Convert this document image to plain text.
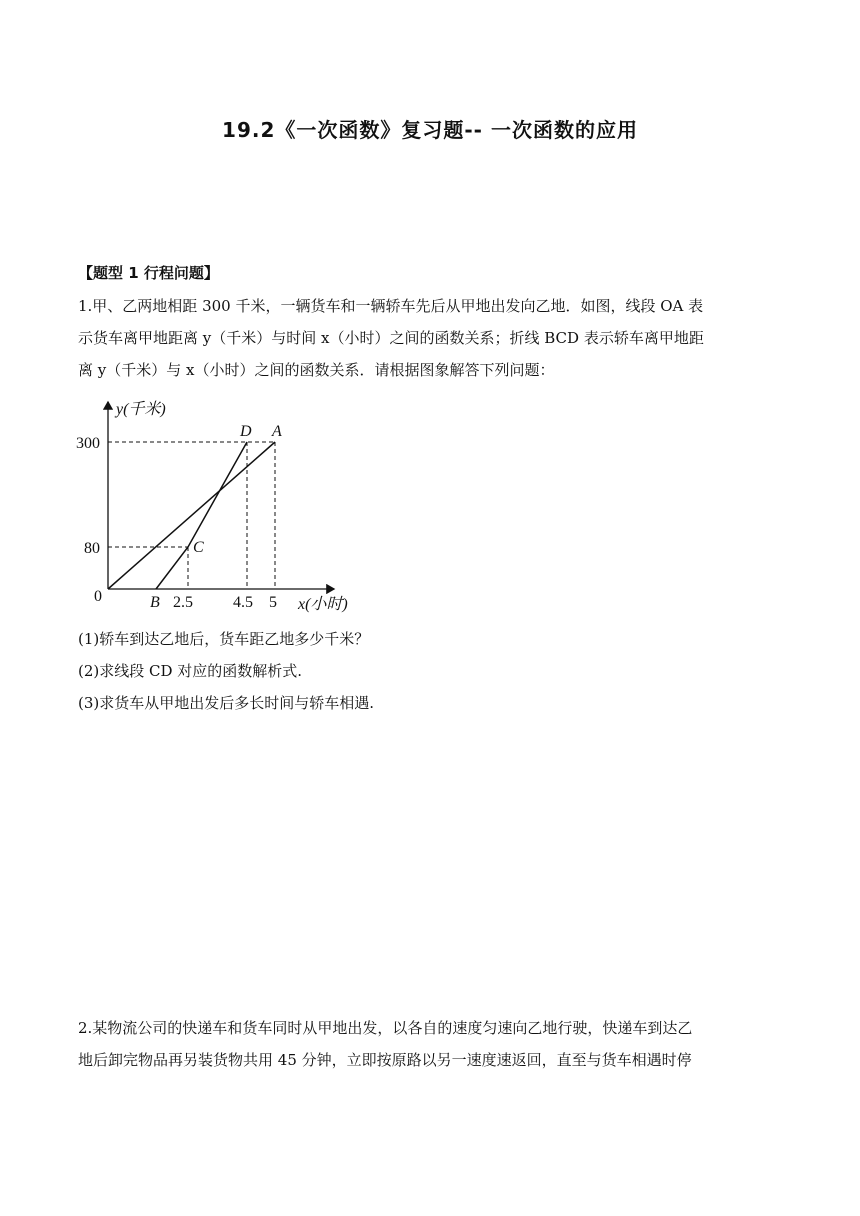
19.2《一次函数》复习题-- 一次函数的应用
【题型 1 行程问题】
1.甲、乙两地相距 300 千米，一辆货车和一辆轿车先后从甲地出发向乙地．如图，线段 OA 表
示货车离甲地距离 y（千米）与时间 x（小时）之间的函数关系；折线 BCD 表示轿车离甲地距
离 y（千米）与 x（小时）之间的函数关系．请根据图象解答下列问题：
y(千米)
x(小时)
0
300
80
2.5	4.5 5
B
C
D A
(1)轿车到达乙地后，货车距乙地多少千米？
(2)求线段 CD 对应的函数解析式.
(3)求货车从甲地出发后多长时间与轿车相遇.
2.某物流公司的快递车和货车同时从甲地出发，以各自的速度匀速向乙地行驶，快递车到达乙
地后卸完物品再另装货物共用 45 分钟，立即按原路以另一速度速返回，直至与货车相遇时停
